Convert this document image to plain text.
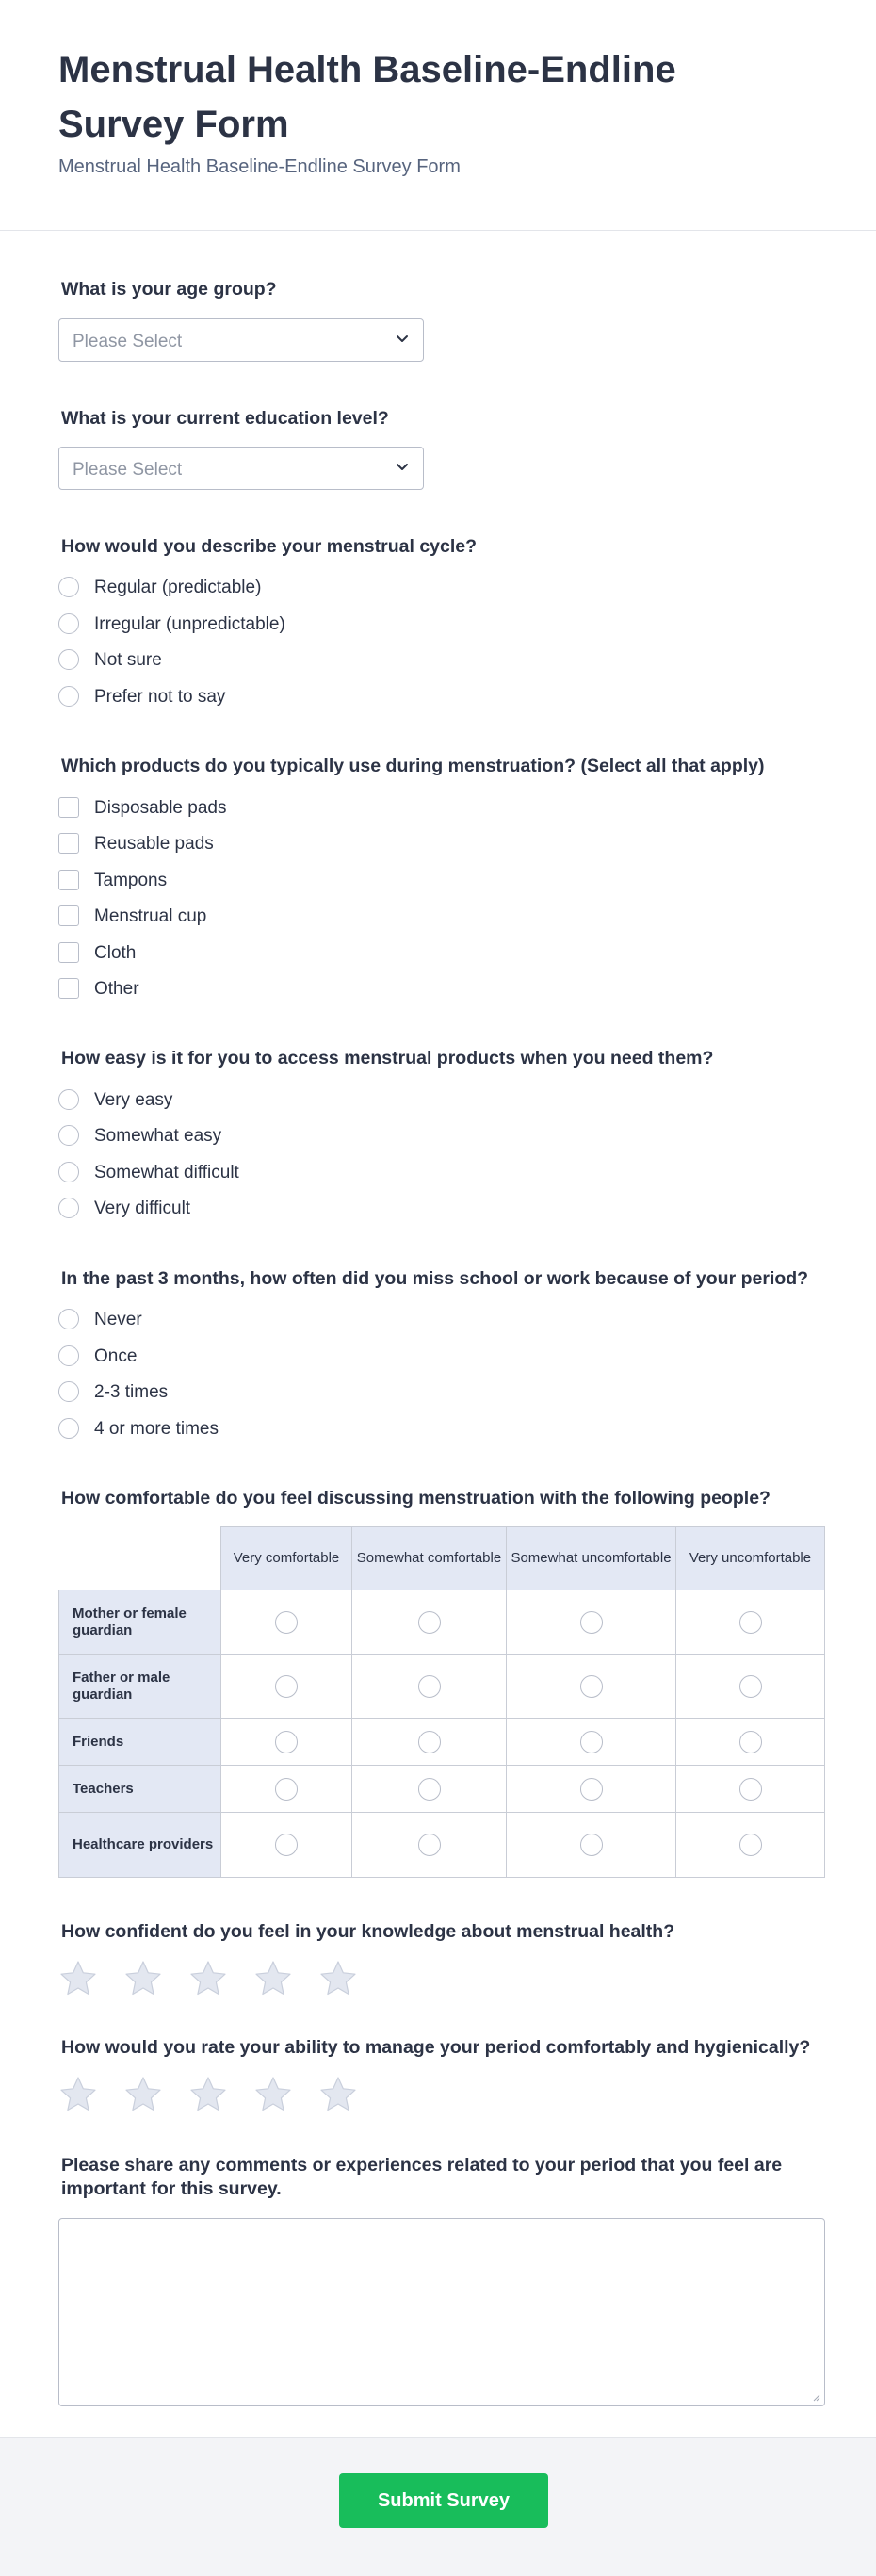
Menstrual Health Baseline-Endline Survey Form
Menstrual Health Baseline-Endline Survey Form
What is your age group?
Please Select
What is your current education level?
Please Select
How would you describe your menstrual cycle?
Regular (predictable)
Irregular (unpredictable)
Not sure
Prefer not to say
Which products do you typically use during menstruation? (Select all that apply)
Disposable pads
Reusable pads
Tampons
Menstrual cup
Cloth
Other
How easy is it for you to access menstrual products when you need them?
Very easy
Somewhat easy
Somewhat difficult
Very difficult
In the past 3 months, how often did you miss school or work because of your period?
Never
Once
2-3 times
4 or more times
How comfortable do you feel discussing menstruation with the following people?
Very comfortable	Somewhat comfortable Somewhat uncomfortable	Very uncomfortable
Mother or female guardian
Father or male guardian
Friends
Teachers
Healthcare providers
How confident do you feel in your knowledge about menstrual health?
How would you rate your ability to manage your period comfortably and hygienically?
Please share any comments or experiences related to your period that you feel are important for this survey.
Submit Survey
